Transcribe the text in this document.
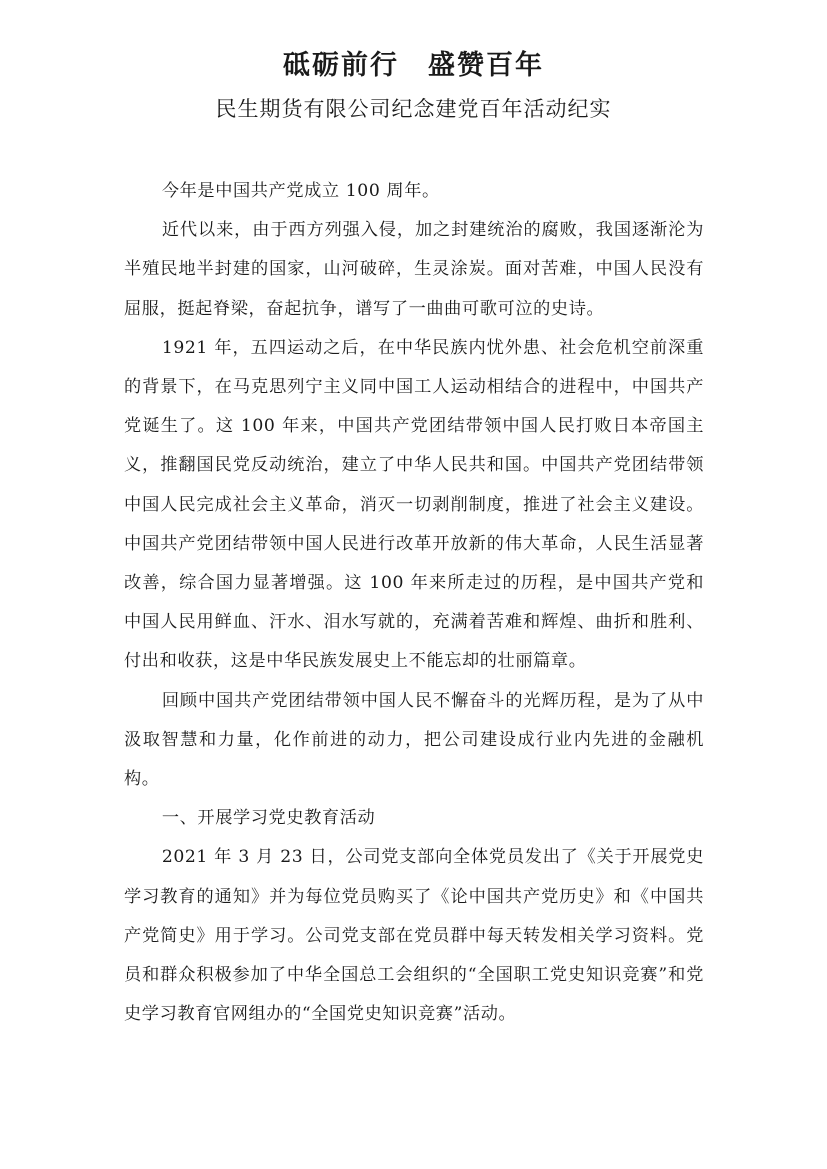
砥砺前行　盛赞百年
民生期货有限公司纪念建党百年活动纪实

今年是中国共产党成立 100 周年。

近代以来，由于西方列强入侵，加之封建统治的腐败，我国逐渐沦为半殖民地半封建的国家，山河破碎，生灵涂炭。面对苦难，中国人民没有屈服，挺起脊梁，奋起抗争，谱写了一曲曲可歌可泣的史诗。

1921 年，五四运动之后，在中华民族内忧外患、社会危机空前深重的背景下，在马克思列宁主义同中国工人运动相结合的进程中，中国共产党诞生了。这 100 年来，中国共产党团结带领中国人民打败日本帝国主义，推翻国民党反动统治，建立了中华人民共和国。中国共产党团结带领中国人民完成社会主义革命，消灭一切剥削制度，推进了社会主义建设。中国共产党团结带领中国人民进行改革开放新的伟大革命，人民生活显著改善，综合国力显著增强。这 100 年来所走过的历程，是中国共产党和中国人民用鲜血、汗水、泪水写就的，充满着苦难和辉煌、曲折和胜利、付出和收获，这是中华民族发展史上不能忘却的壮丽篇章。

回顾中国共产党团结带领中国人民不懈奋斗的光辉历程，是为了从中汲取智慧和力量，化作前进的动力，把公司建设成行业内先进的金融机构。

一、开展学习党史教育活动

2021 年 3 月 23 日，公司党支部向全体党员发出了《关于开展党史学习教育的通知》并为每位党员购买了《论中国共产党历史》和《中国共产党简史》用于学习。公司党支部在党员群中每天转发相关学习资料。党员和群众积极参加了中华全国总工会组织的“全国职工党史知识竞赛”和党史学习教育官网组办的“全国党史知识竞赛”活动。
